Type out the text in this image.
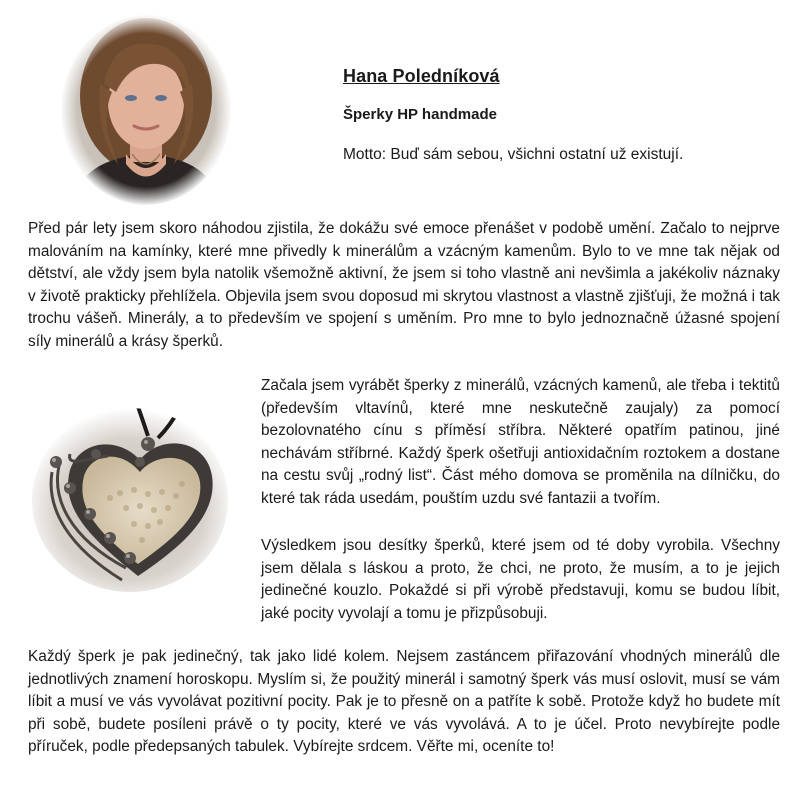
Hana Poledníková
Šperky HP handmade
Motto: Buď sám sebou, všichni ostatní už existují.

Před pár lety jsem skoro náhodou zjistila, že dokážu své emoce přenášet v podobě umění. Začalo to nejprve malováním na kamínky, které mne přivedly k minerálům a vzácným kamenům. Bylo to ve mne tak nějak od dětství, ale vždy jsem byla natolik všemožně aktivní, že jsem si toho vlastně ani nevšimla a jakékoliv náznaky v životě prakticky přehlížela. Objevila jsem svou doposud mi skrytou vlastnost a vlastně zjišťuji, že možná i tak trochu vášeň. Minerály, a to především ve spojení s uměním. Pro mne to bylo jednoznačně úžasné spojení síly minerálů a krásy šperků.

Začala jsem vyrábět šperky z minerálů, vzácných kamenů, ale třeba i tektitů (především vltavínů, které mne neskutečně zaujaly) za pomocí bezolovnatého cínu s příměsí stříbra. Některé opatřím patinou, jiné nechávám stříbrné. Každý šperk ošetřuji antioxidačním roztokem a dostane na cestu svůj „rodný list“. Část mého domova se proměnila na dílničku, do které tak ráda usedám, pouštím uzdu své fantazii a tvořím.

Výsledkem jsou desítky šperků, které jsem od té doby vyrobila. Všechny jsem dělala s láskou a proto, že chci, ne proto, že musím, a to je jejich jedinečné kouzlo. Pokaždé si při výrobě představuji, komu se budou líbit, jaké pocity vyvolají a tomu je přizpůsobuji.

Každý šperk je pak jedinečný, tak jako lidé kolem. Nejsem zastáncem přiřazování vhodných minerálů dle jednotlivých znamení horoskopu. Myslím si, že použitý minerál i samotný šperk vás musí oslovit, musí se vám líbit a musí ve vás vyvolávat pozitivní pocity. Pak je to přesně on a patříte k sobě. Protože když ho budete mít při sobě, budete posíleni právě o ty pocity, které ve vás vyvolává. A to je účel. Proto nevybírejte podle příruček, podle předepsaných tabulek. Vybírejte srdcem. Věřte mi, oceníte to!
